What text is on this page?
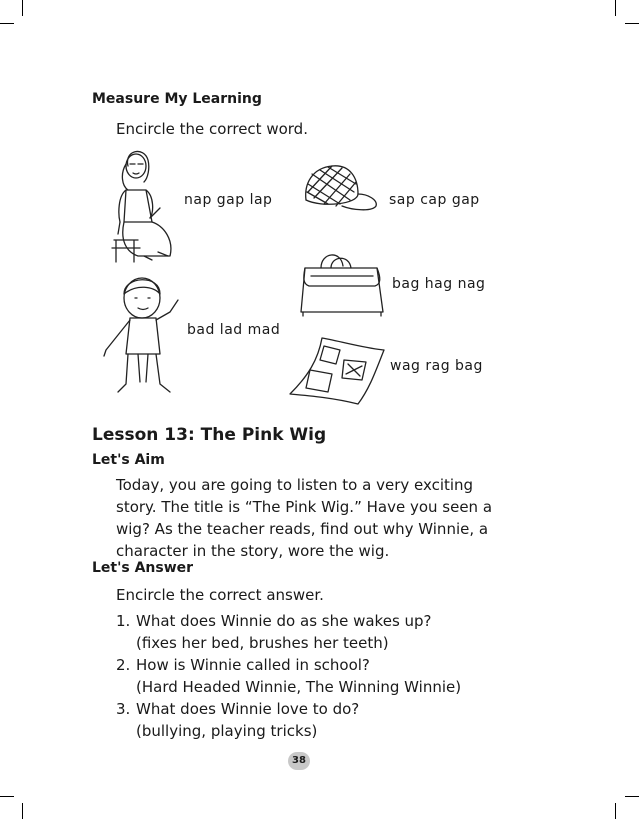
Measure My Learning
Encircle the correct word.
nap gap lap	sap cap gap
bag hag nag
bad lad mad
wag rag bag
Lesson 13: The Pink Wig
Let's Aim
Today, you are going to listen to a very exciting
story. The title is “The Pink Wig.” Have you seen a
wig? As the teacher reads, find out why Winnie, a
character in the story, wore the wig.
Let's Answer
Encircle the correct answer.
1. What does Winnie do as she wakes up?
(fixes her bed, brushes her teeth)
2. How is Winnie called in school?
(Hard Headed Winnie, The Winning Winnie)
3. What does Winnie love to do?
(bullying, playing tricks)
38
